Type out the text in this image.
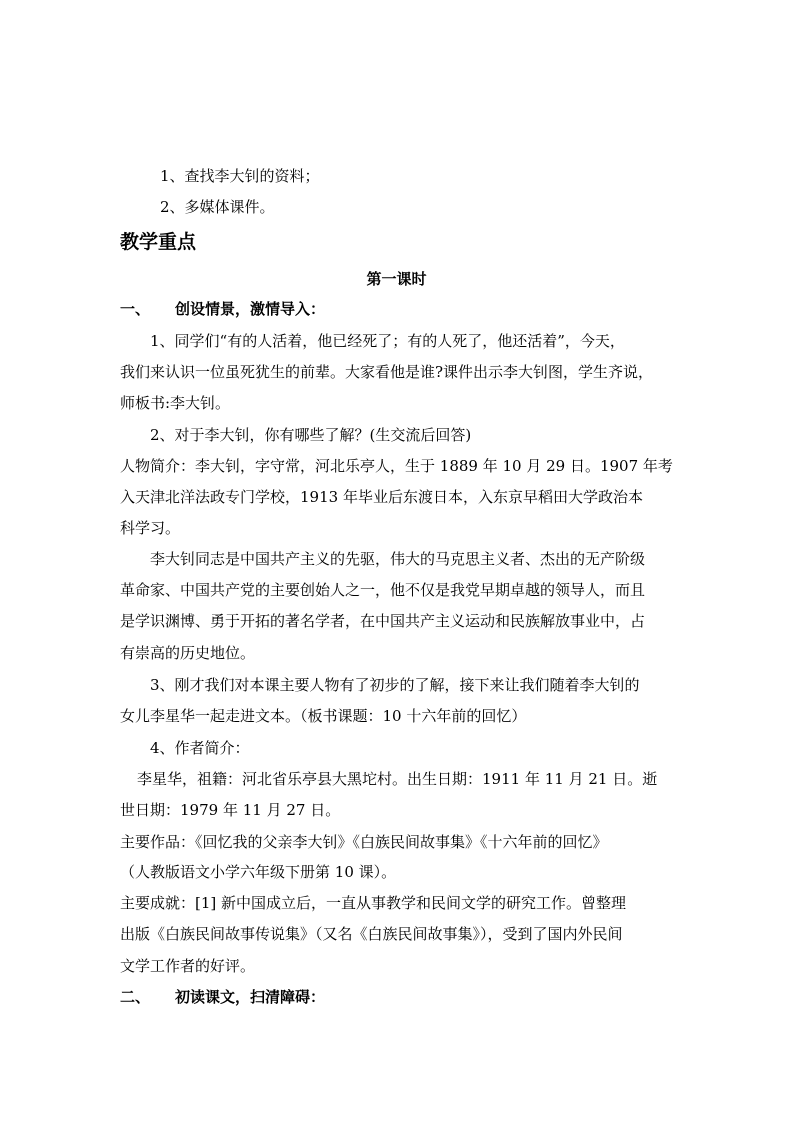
1、查找李大钊的资料；
2、多媒体课件。
教学重点
第一课时
一、 创设情景，激情导入：
1、同学们“有的人活着，他已经死了；有的人死了，他还活着”，今天，
我们来认识一位虽死犹生的前辈。大家看他是谁?课件出示李大钊图，学生齐说，
师板书:李大钊。
2、对于李大钊，你有哪些了解？(生交流后回答)
人物简介：李大钊，字守常，河北乐亭人，生于 1889 年 10 月 29 日。1907 年考
入天津北洋法政专门学校，1913 年毕业后东渡日本，入东京早稻田大学政治本
科学习。
李大钊同志是中国共产主义的先驱，伟大的马克思主义者、杰出的无产阶级
革命家、中国共产党的主要创始人之一，他不仅是我党早期卓越的领导人，而且
是学识渊博、勇于开拓的著名学者，在中国共产主义运动和民族解放事业中，占
有崇高的历史地位。
3、刚才我们对本课主要人物有了初步的了解，接下来让我们随着李大钊的
女儿李星华一起走进文本。（板书课题：10 十六年前的回忆）
4、作者简介：
李星华，祖籍：河北省乐亭县大黑坨村。出生日期：1911 年 11 月 21 日。逝
世日期：1979 年 11 月 27 日。
主要作品：《回忆我的父亲李大钊》《白族民间故事集》《十六年前的回忆》
（人教版语文小学六年级下册第 10 课）。
主要成就：[1] 新中国成立后，一直从事教学和民间文学的研究工作。曾整理
出版《白族民间故事传说集》（又名《白族民间故事集》），受到了国内外民间
文学工作者的好评。
二、 初读课文，扫清障碍：
